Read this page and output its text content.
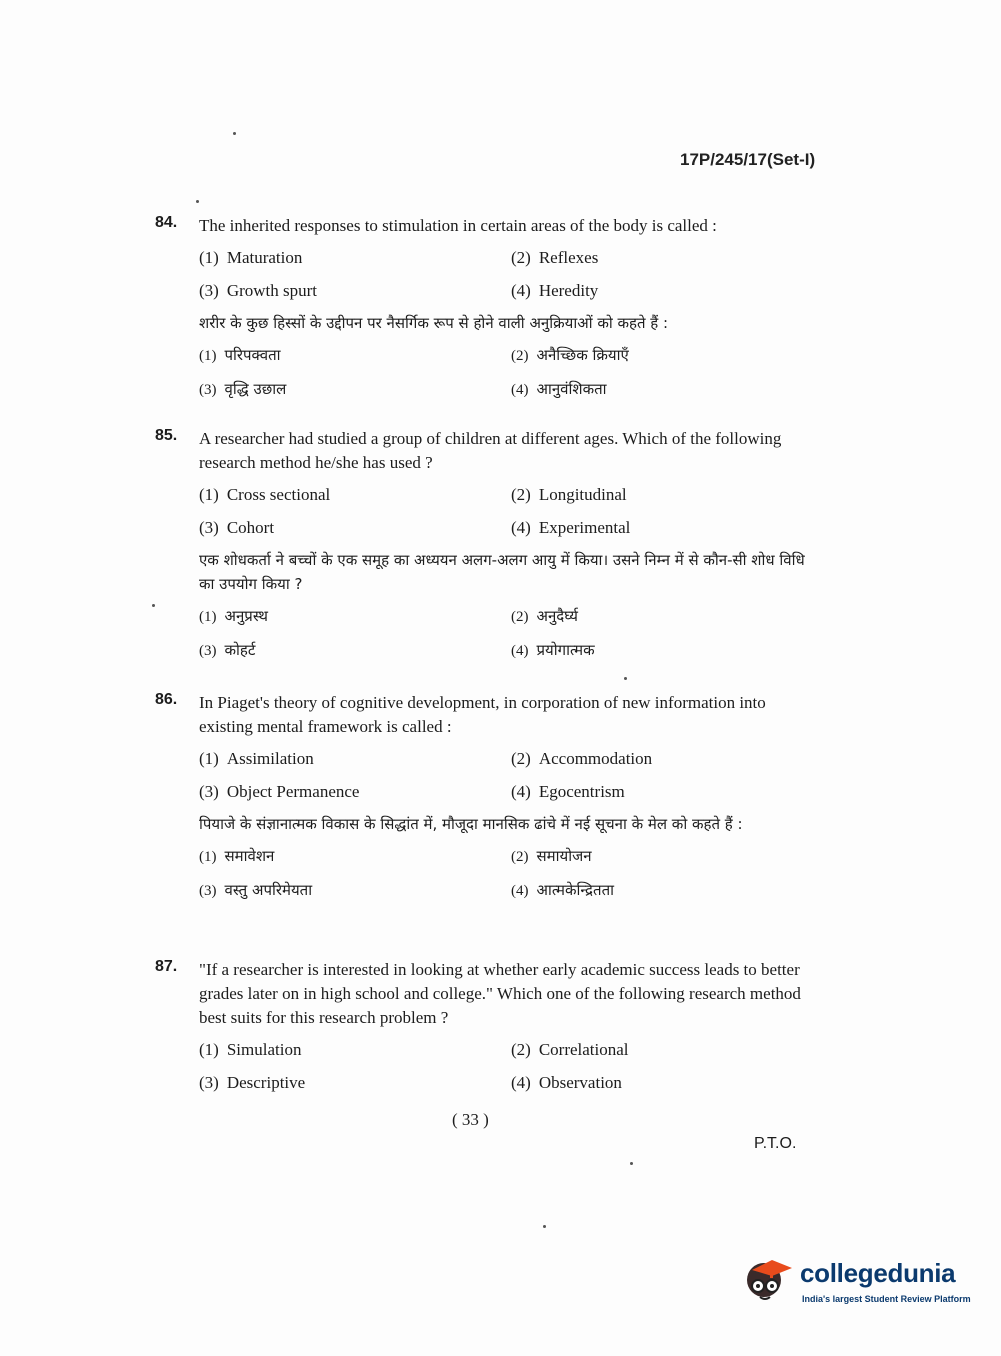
17P/245/17(Set-I)
84. The inherited responses to stimulation in certain areas of the body is called :
(1) Maturation	(2) Reflexes
(3) Growth spurt	(4) Heredity
शरीर के कुछ हिस्सों के उद्दीपन पर नैसर्गिक रूप से होने वाली अनुक्रियाओं को कहते हैं :
(1) परिपक्वता	(2) अनैच्छिक क्रियाएँ
(3) वृद्धि उछाल	(4) आनुवंशिकता
85. A researcher had studied a group of children at different ages. Which of the following research method he/she has used ?
(1) Cross sectional	(2) Longitudinal
(3) Cohort	(4) Experimental
एक शोधकर्ता ने बच्चों के एक समूह का अध्ययन अलग-अलग आयु में किया। उसने निम्न में से कौन-सी शोध विधि का उपयोग किया ?
(1) अनुप्रस्थ	(2) अनुदैर्घ्य
(3) कोहर्ट	(4) प्रयोगात्मक
86. In Piaget's theory of cognitive development, in corporation of new information into existing mental framework is called :
(1) Assimilation	(2) Accommodation
(3) Object Permanence	(4) Egocentrism
पियाजे के संज्ञानात्मक विकास के सिद्धांत में, मौजूदा मानसिक ढांचे में नई सूचना के मेल को कहते हैं :
(1) समावेशन	(2) समायोजन
(3) वस्तु अपरिमेयता	(4) आत्मकेन्द्रितता
87. "If a researcher is interested in looking at whether early academic success leads to better grades later on in high school and college." Which one of the following research method best suits for this research problem ?
(1) Simulation	(2) Correlational
(3) Descriptive	(4) Observation
( 33 )
P.T.O.
collegedunia
India's largest Student Review Platform
